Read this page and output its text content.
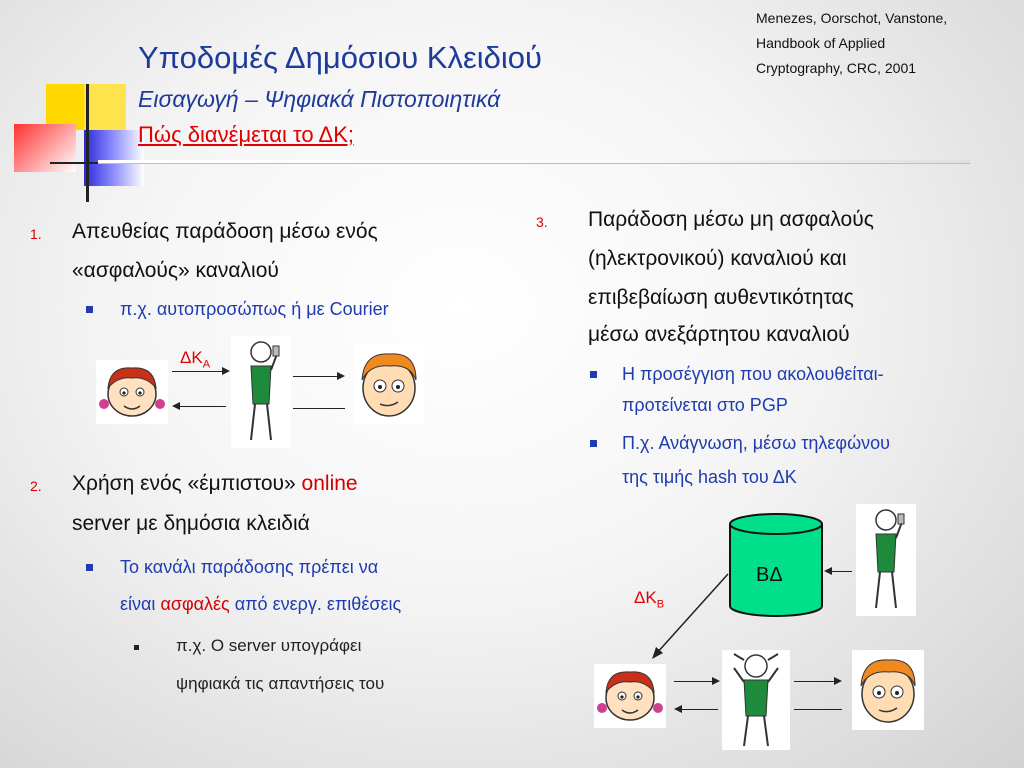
Υποδομές Δημόσιου Κλειδιού
Εισαγωγή – Ψηφιακά Πιστοποιητικά
Πώς διανέμεται το ΔΚ;
Menezes, Oorschot, Vanstone,
Handbook of Applied
Cryptography, CRC, 2001
1. Απευθείας παράδοση μέσω ενός
«ασφαλούς» καναλιού
π.χ. αυτοπροσώπως ή με Courier
$\Delta K_A$
2. Χρήση ενός «έμπιστου» online
server με δημόσια κλειδιά
Το κανάλι παράδοσης πρέπει να
είναι ασφαλές από ενεργ. επιθέσεις
π.χ. Ο server υπογράφει
ψηφιακά τις απαντήσεις του
3. Παράδοση μέσω μη ασφαλούς
(ηλεκτρονικού) καναλιού και
επιβεβαίωση αυθεντικότητας
μέσω ανεξάρτητου καναλιού
Η προσέγγιση που ακολουθείται-
προτείνεται στο PGP
Π.χ. Ανάγνωση, μέσω τηλεφώνου
της τιμής hash του ΔΚ
ΒΔ
$\Delta K_B$
